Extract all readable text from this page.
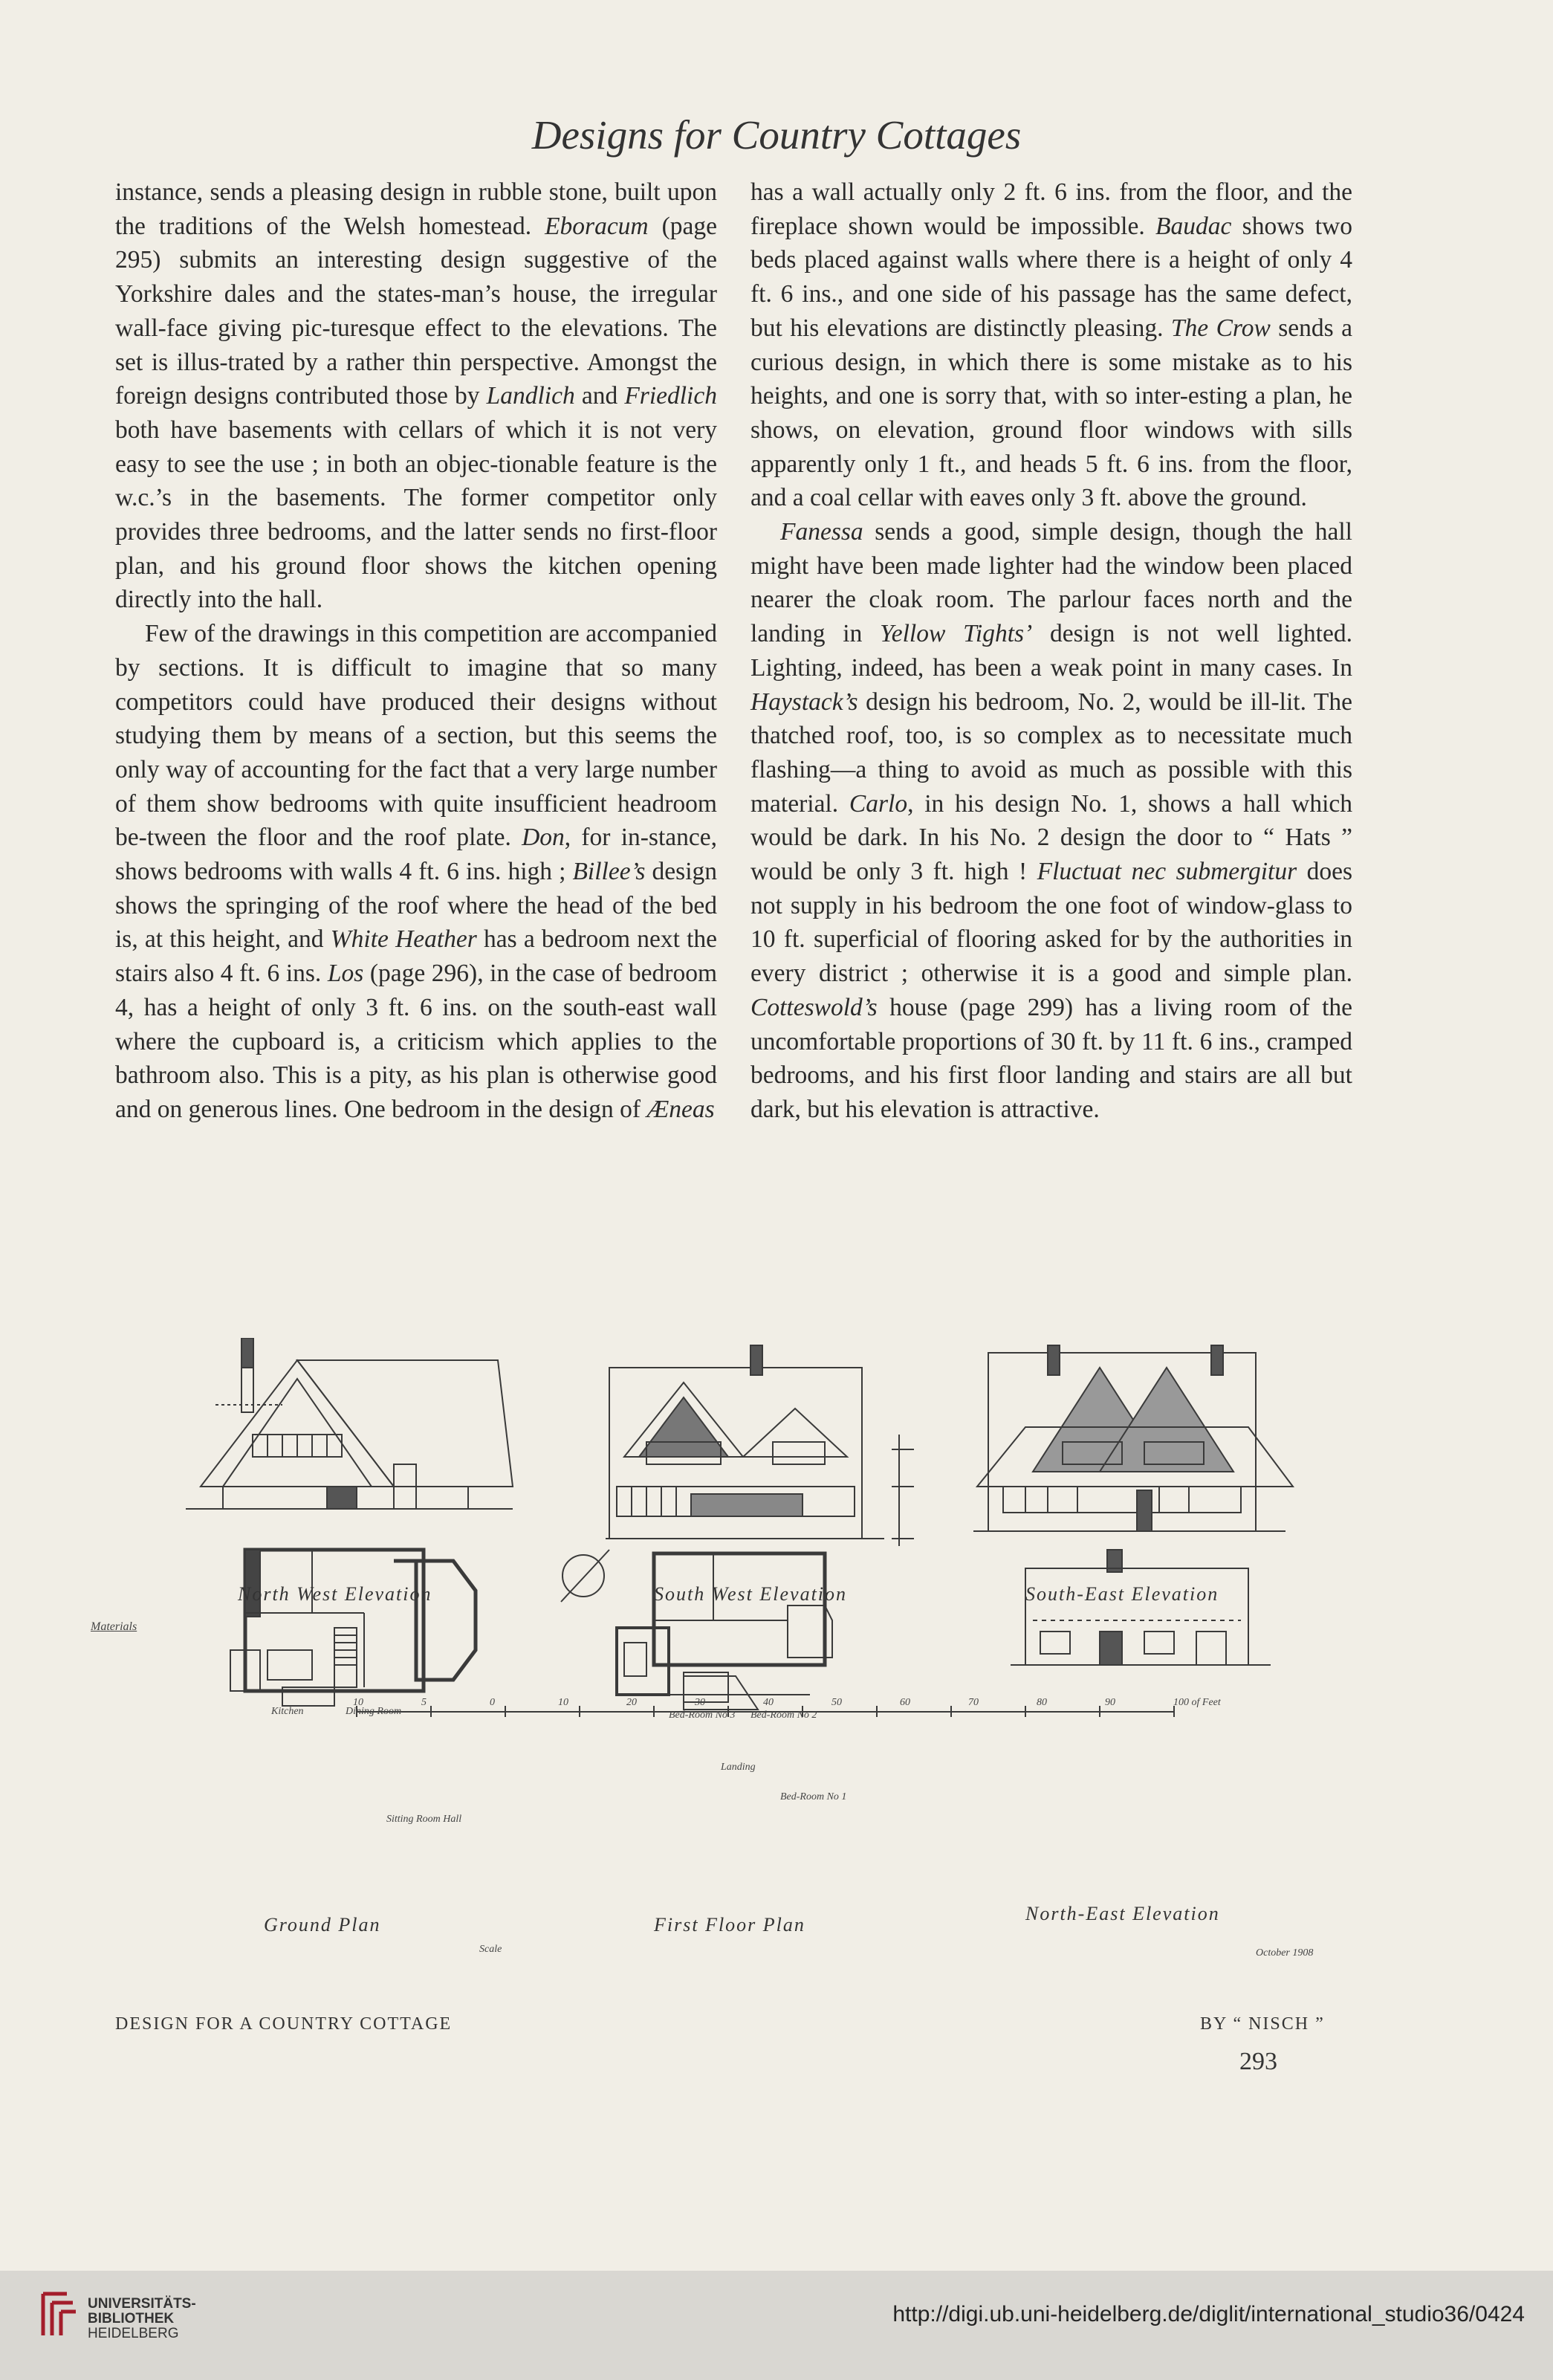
Designs for Country Cottages

instance, sends a pleasing design in rubble stone, built upon the traditions of the Welsh homestead. Eboracum (page 295) submits an interesting design suggestive of the Yorkshire dales and the states-man’s house, the irregular wall-face giving pic-turesque effect to the elevations. The set is illus-trated by a rather thin perspective. Amongst the foreign designs contributed those by Landlich and Friedlich both have basements with cellars of which it is not very easy to see the use ; in both an objec-tionable feature is the w.c.’s in the basements. The former competitor only provides three bedrooms, and the latter sends no first-floor plan, and his ground floor shows the kitchen opening directly into the hall.

Few of the drawings in this competition are accompanied by sections. It is difficult to imagine that so many competitors could have produced their designs without studying them by means of a section, but this seems the only way of accounting for the fact that a very large number of them show bedrooms with quite insufficient headroom be-tween the floor and the roof plate. Don, for in-stance, shows bedrooms with walls 4 ft. 6 ins. high ; Billee’s design shows the springing of the roof where the head of the bed is, at this height, and White Heather has a bedroom next the stairs also 4 ft. 6 ins. Los (page 296), in the case of bedroom 4, has a height of only 3 ft. 6 ins. on the south-east wall where the cupboard is, a criticism which applies to the bathroom also. This is a pity, as his plan is otherwise good and on generous lines. One bedroom in the design of Æneas

has a wall actually only 2 ft. 6 ins. from the floor, and the fireplace shown would be impossible. Baudac shows two beds placed against walls where there is a height of only 4 ft. 6 ins., and one side of his passage has the same defect, but his elevations are distinctly pleasing. The Crow sends a curious design, in which there is some mistake as to his heights, and one is sorry that, with so inter-esting a plan, he shows, on elevation, ground floor windows with sills apparently only 1 ft., and heads 5 ft. 6 ins. from the floor, and a coal cellar with eaves only 3 ft. above the ground.

Fanessa sends a good, simple design, though the hall might have been made lighter had the window been placed nearer the cloak room. The parlour faces north and the landing in Yellow Tights’ design is not well lighted. Lighting, indeed, has been a weak point in many cases. In Haystack’s design his bedroom, No. 2, would be ill-lit. The thatched roof, too, is so complex as to necessitate much flashing—a thing to avoid as much as possible with this material. Carlo, in his design No. 1, shows a hall which would be dark. In his No. 2 design the door to “ Hats ” would be only 3 ft. high ! Fluctuat nec submergitur does not supply in his bedroom the one foot of window-glass to 10 ft. superficial of flooring asked for by the authorities in every district ; otherwise it is a good and simple plan. Cotteswold’s house (page 299) has a living room of the uncomfortable proportions of 30 ft. by 11 ft. 6 ins., cramped bedrooms, and his first floor landing and stairs are all but dark, but his elevation is attractive.

North West Elevation	South West Elevation	South-East Elevation
North-East Elevation
Ground Plan	First Floor Plan
Kitchen	Dining Room
Sitting Room Hall
Bed-Room No 3 Bed-Room No 2
Bed-Room No 1
Landing
Scale
10	5	0	10	20	30	40	50	60	70	80	90	100 of Feet
October 1908
Materials
DESIGN FOR A COUNTRY COTTAGE	BY “ NISCH ”
293
UNIVERSITÄTS-
BIBLIOTHEK
HEIDELBERG
http://digi.ub.uni-heidelberg.de/diglit/international_studio36/0424
